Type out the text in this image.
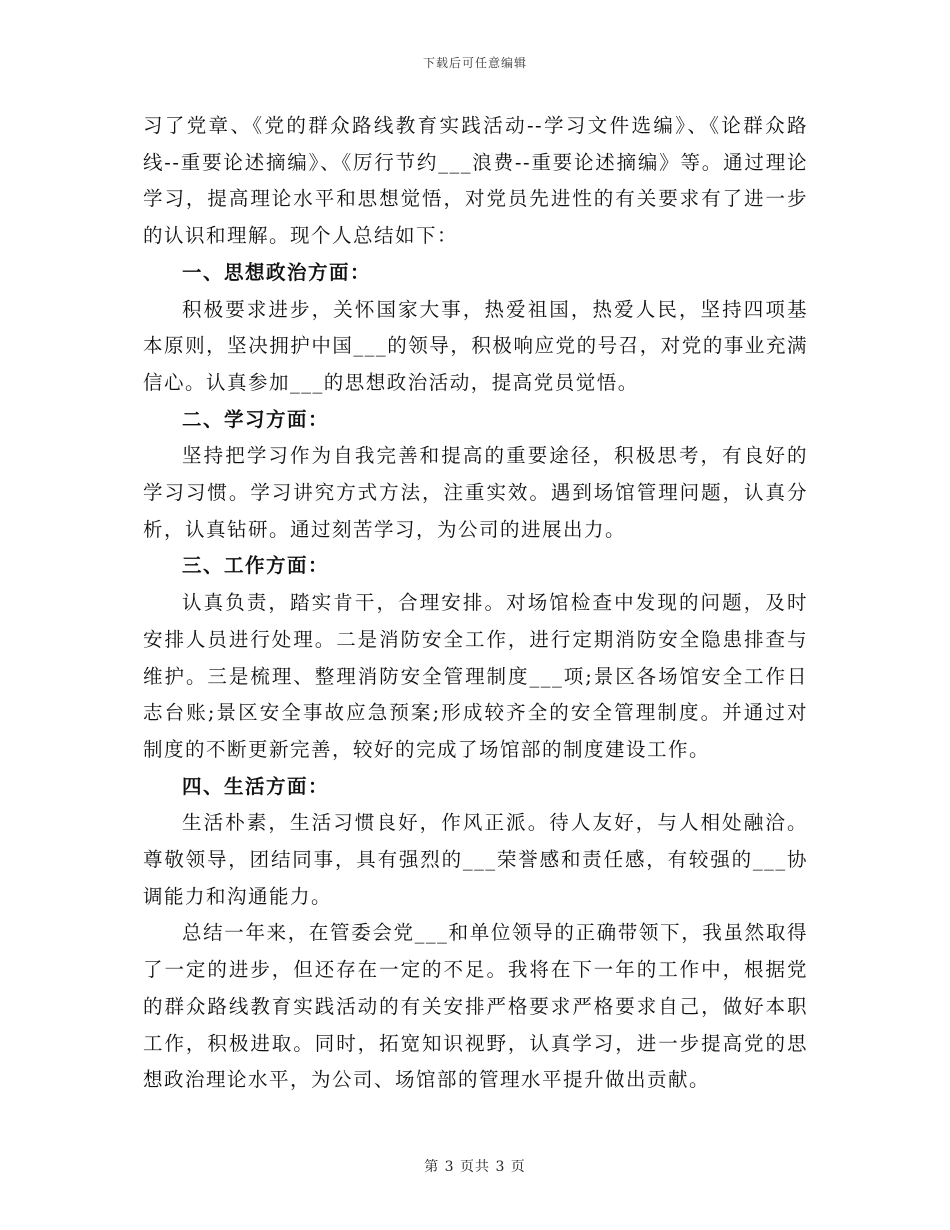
下载后可任意编辑

习了党章、《党的群众路线教育实践活动--学习文件选编》、《论群众路线--重要论述摘编》、《厉行节约___浪费--重要论述摘编》等。通过理论学习，提高理论水平和思想觉悟，对党员先进性的有关要求有了进一步的认识和理解。现个人总结如下：

一、思想政治方面：

积极要求进步，关怀国家大事，热爱祖国，热爱人民，坚持四项基本原则，坚决拥护中国___的领导，积极响应党的号召，对党的事业充满信心。认真参加___的思想政治活动，提高党员觉悟。

二、学习方面：

坚持把学习作为自我完善和提高的重要途径，积极思考，有良好的学习习惯。学习讲究方式方法，注重实效。遇到场馆管理问题，认真分析，认真钻研。通过刻苦学习，为公司的进展出力。

三、工作方面：

认真负责，踏实肯干，合理安排。对场馆检查中发现的问题，及时安排人员进行处理。二是消防安全工作，进行定期消防安全隐患排查与维护。三是梳理、整理消防安全管理制度___项;景区各场馆安全工作日志台账;景区安全事故应急预案;形成较齐全的安全管理制度。并通过对制度的不断更新完善，较好的完成了场馆部的制度建设工作。

四、生活方面：

生活朴素，生活习惯良好，作风正派。待人友好，与人相处融洽。尊敬领导，团结同事，具有强烈的___荣誉感和责任感，有较强的___协调能力和沟通能力。

总结一年来，在管委会党___和单位领导的正确带领下，我虽然取得了一定的进步，但还存在一定的不足。我将在下一年的工作中，根据党的群众路线教育实践活动的有关安排严格要求严格要求自己，做好本职工作，积极进取。同时，拓宽知识视野，认真学习，进一步提高党的思想政治理论水平，为公司、场馆部的管理水平提升做出贡献。

第 3 页共 3 页
